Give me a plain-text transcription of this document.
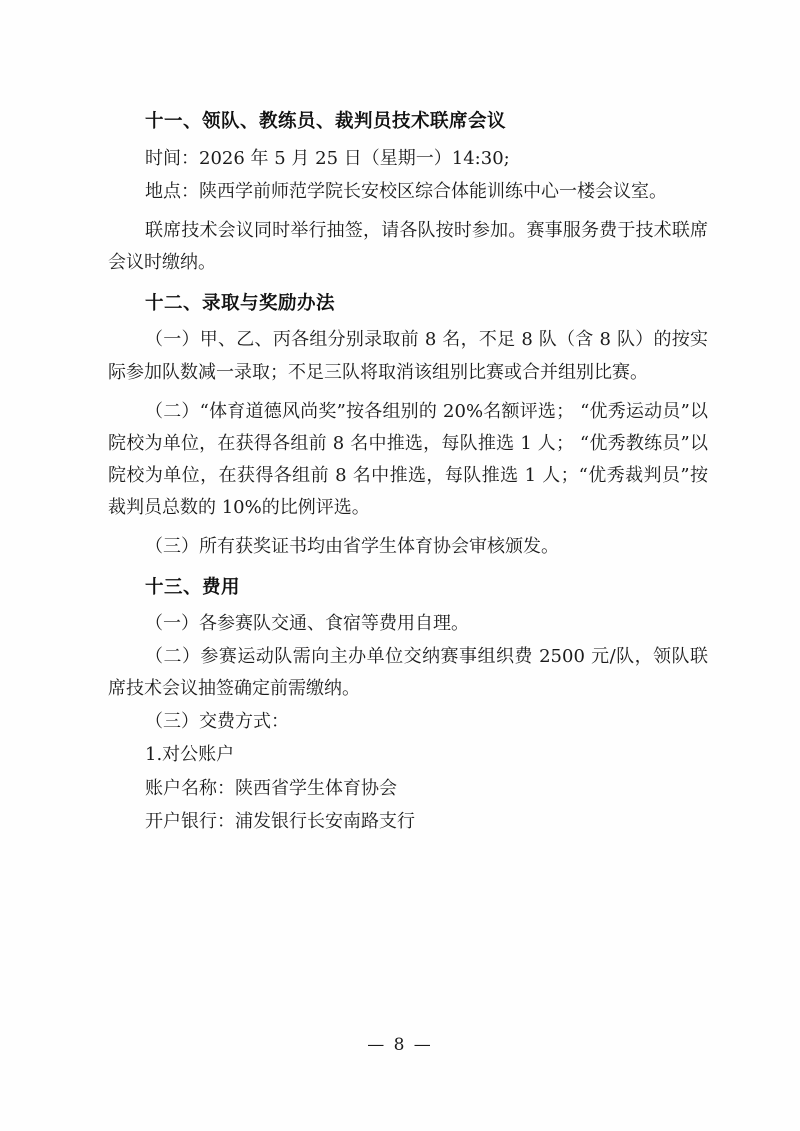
十一、领队、教练员、裁判员技术联席会议

时间：2026 年 5 月 25 日（星期一）14:30;

地点：陕西学前师范学院长安校区综合体能训练中心一楼会议室。

联席技术会议同时举行抽签，请各队按时参加。赛事服务费于技术联席会议时缴纳。

十二、录取与奖励办法

（一）甲、乙、丙各组分别录取前 8 名，不足 8 队（含 8 队）的按实际参加队数减一录取；不足三队将取消该组别比赛或合并组别比赛。

（二）“体育道德风尚奖”按各组别的 20%名额评选； “优秀运动员”以院校为单位，在获得各组前 8 名中推选，每队推选 1 人； “优秀教练员”以院校为单位，在获得各组前 8 名中推选，每队推选 1 人；“优秀裁判员”按裁判员总数的 10%的比例评选。

（三）所有获奖证书均由省学生体育协会审核颁发。

十三、费用

（一）各参赛队交通、食宿等费用自理。

（二）参赛运动队需向主办单位交纳赛事组织费 2500 元/队，领队联席技术会议抽签确定前需缴纳。

（三）交费方式：

1.对公账户

账户名称：陕西省学生体育协会

开户银行：浦发银行长安南路支行

— 8 —
